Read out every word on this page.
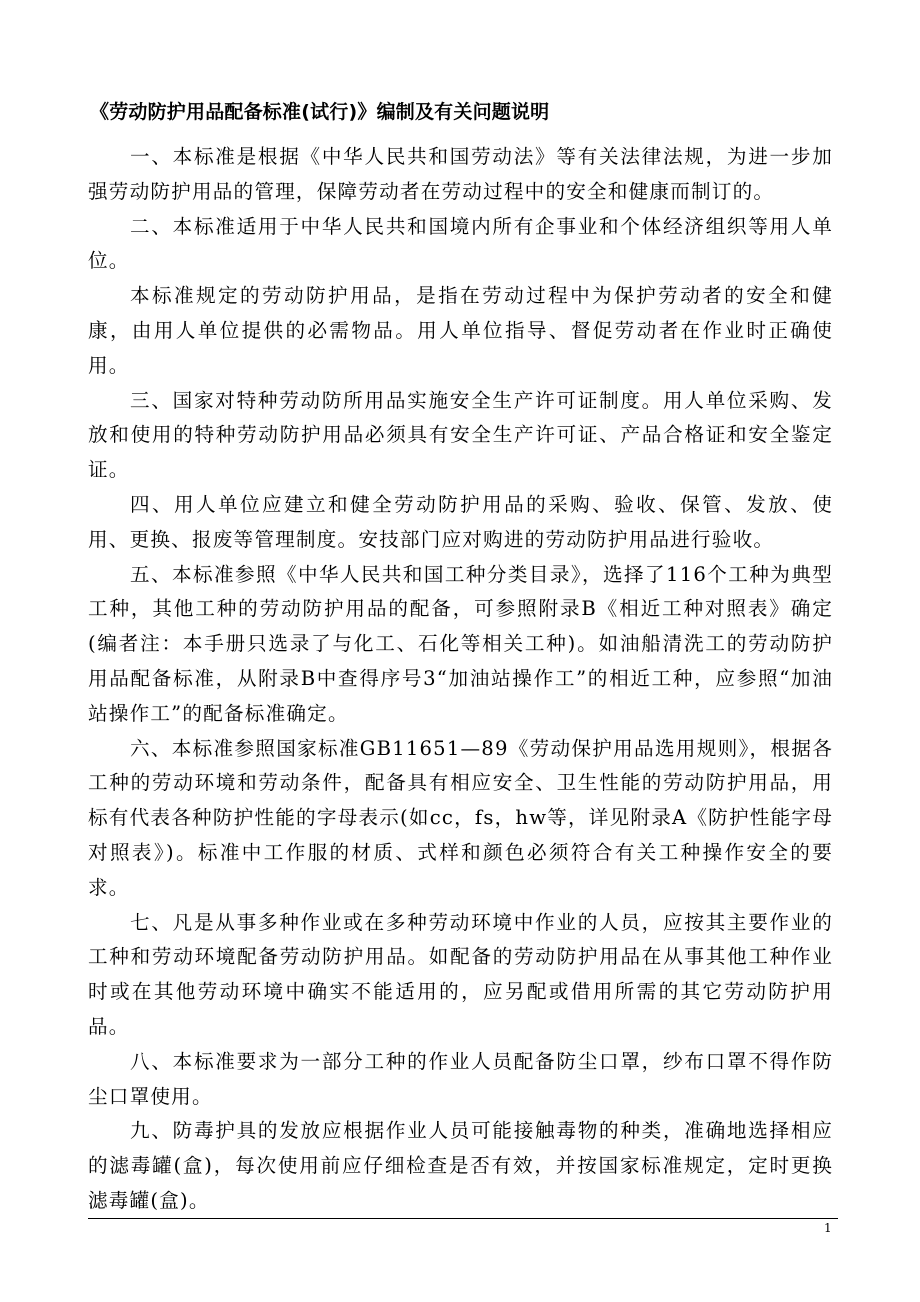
《劳动防护用品配备标准(试行)》编制及有关问题说明

一、本标准是根据《中华人民共和国劳动法》等有关法律法规，为进一步加强劳动防护用品的管理，保障劳动者在劳动过程中的安全和健康而制订的。

二、本标准适用于中华人民共和国境内所有企事业和个体经济组织等用人单位。

本标准规定的劳动防护用品，是指在劳动过程中为保护劳动者的安全和健康，由用人单位提供的必需物品。用人单位指导、督促劳动者在作业时正确使用。

三、国家对特种劳动防所用品实施安全生产许可证制度。用人单位采购、发放和使用的特种劳动防护用品必须具有安全生产许可证、产品合格证和安全鉴定证。

四、用人单位应建立和健全劳动防护用品的采购、验收、保管、发放、使用、更换、报废等管理制度。安技部门应对购进的劳动防护用品进行验收。

五、本标准参照《中华人民共和国工种分类目录》，选择了116个工种为典型工种，其他工种的劳动防护用品的配备，可参照附录B《相近工种对照表》确定(编者注：本手册只选录了与化工、石化等相关工种)。如油船清洗工的劳动防护用品配备标准，从附录B中查得序号3“加油站操作工”的相近工种，应参照“加油站操作工”的配备标准确定。

六、本标准参照国家标准GB11651—89《劳动保护用品选用规则》，根据各工种的劳动环境和劳动条件，配备具有相应安全、卫生性能的劳动防护用品，用标有代表各种防护性能的字母表示(如cc，fs，hw等，详见附录A《防护性能字母对照表》)。标准中工作服的材质、式样和颜色必须符合有关工种操作安全的要求。

七、凡是从事多种作业或在多种劳动环境中作业的人员，应按其主要作业的工种和劳动环境配备劳动防护用品。如配备的劳动防护用品在从事其他工种作业时或在其他劳动环境中确实不能适用的，应另配或借用所需的其它劳动防护用品。

八、本标准要求为一部分工种的作业人员配备防尘口罩，纱布口罩不得作防尘口罩使用。

九、防毒护具的发放应根据作业人员可能接触毒物的种类，准确地选择相应的滤毒罐(盒)，每次使用前应仔细检查是否有效，并按国家标准规定，定时更换滤毒罐(盒)。

1
